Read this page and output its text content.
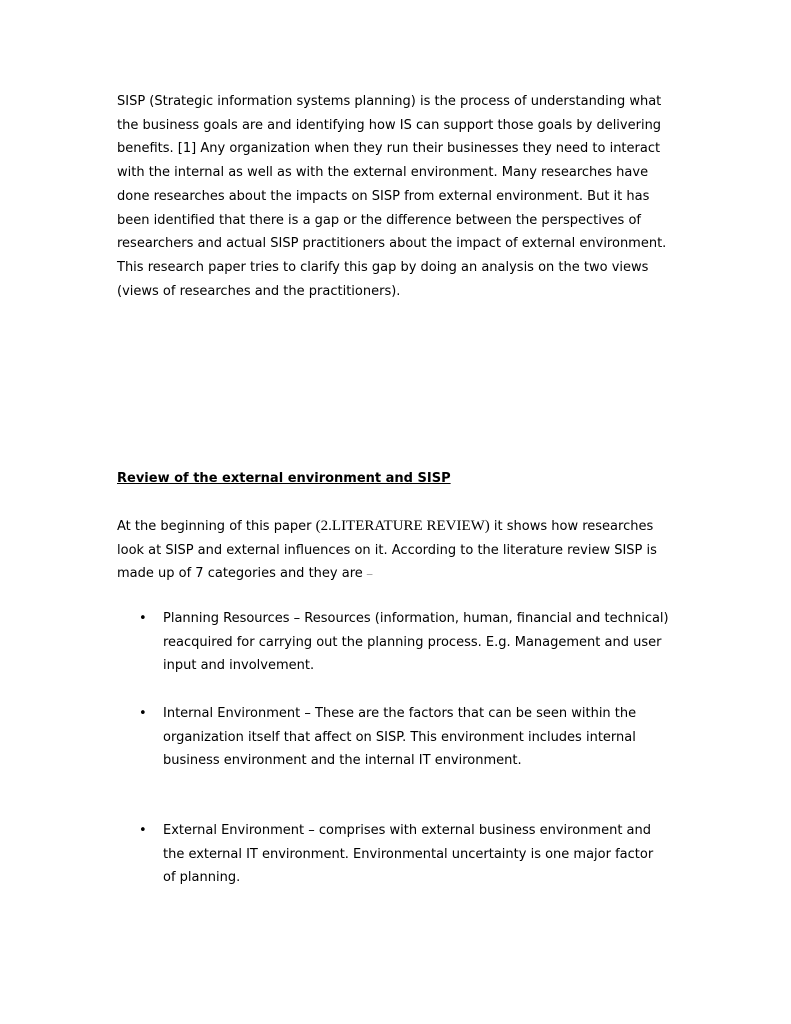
SISP (Strategic information systems planning) is the process of understanding what
the business goals are and identifying how IS can support those goals by delivering
benefits. [1] Any organization when they run their businesses they need to interact
with the internal as well as with the external environment. Many researches have
done researches about the impacts on SISP from external environment. But it has
been identified that there is a gap or the difference between the perspectives of
researchers and actual SISP practitioners about the impact of external environment.
This research paper tries to clarify this gap by doing an analysis on the two views
(views of researches and the practitioners).
Review of the external environment and SISP
At the beginning of this paper (2.LITERATURE REVIEW) it shows how researches
look at SISP and external influences on it. According to the literature review SISP is
made up of 7 categories and they are –
• Planning Resources – Resources (information, human, financial and technical)
reacquired for carrying out the planning process. E.g. Management and user
input and involvement.
• Internal Environment – These are the factors that can be seen within the
organization itself that affect on SISP. This environment includes internal
business environment and the internal IT environment.
• External Environment – comprises with external business environment and
the external IT environment. Environmental uncertainty is one major factor
of planning.
